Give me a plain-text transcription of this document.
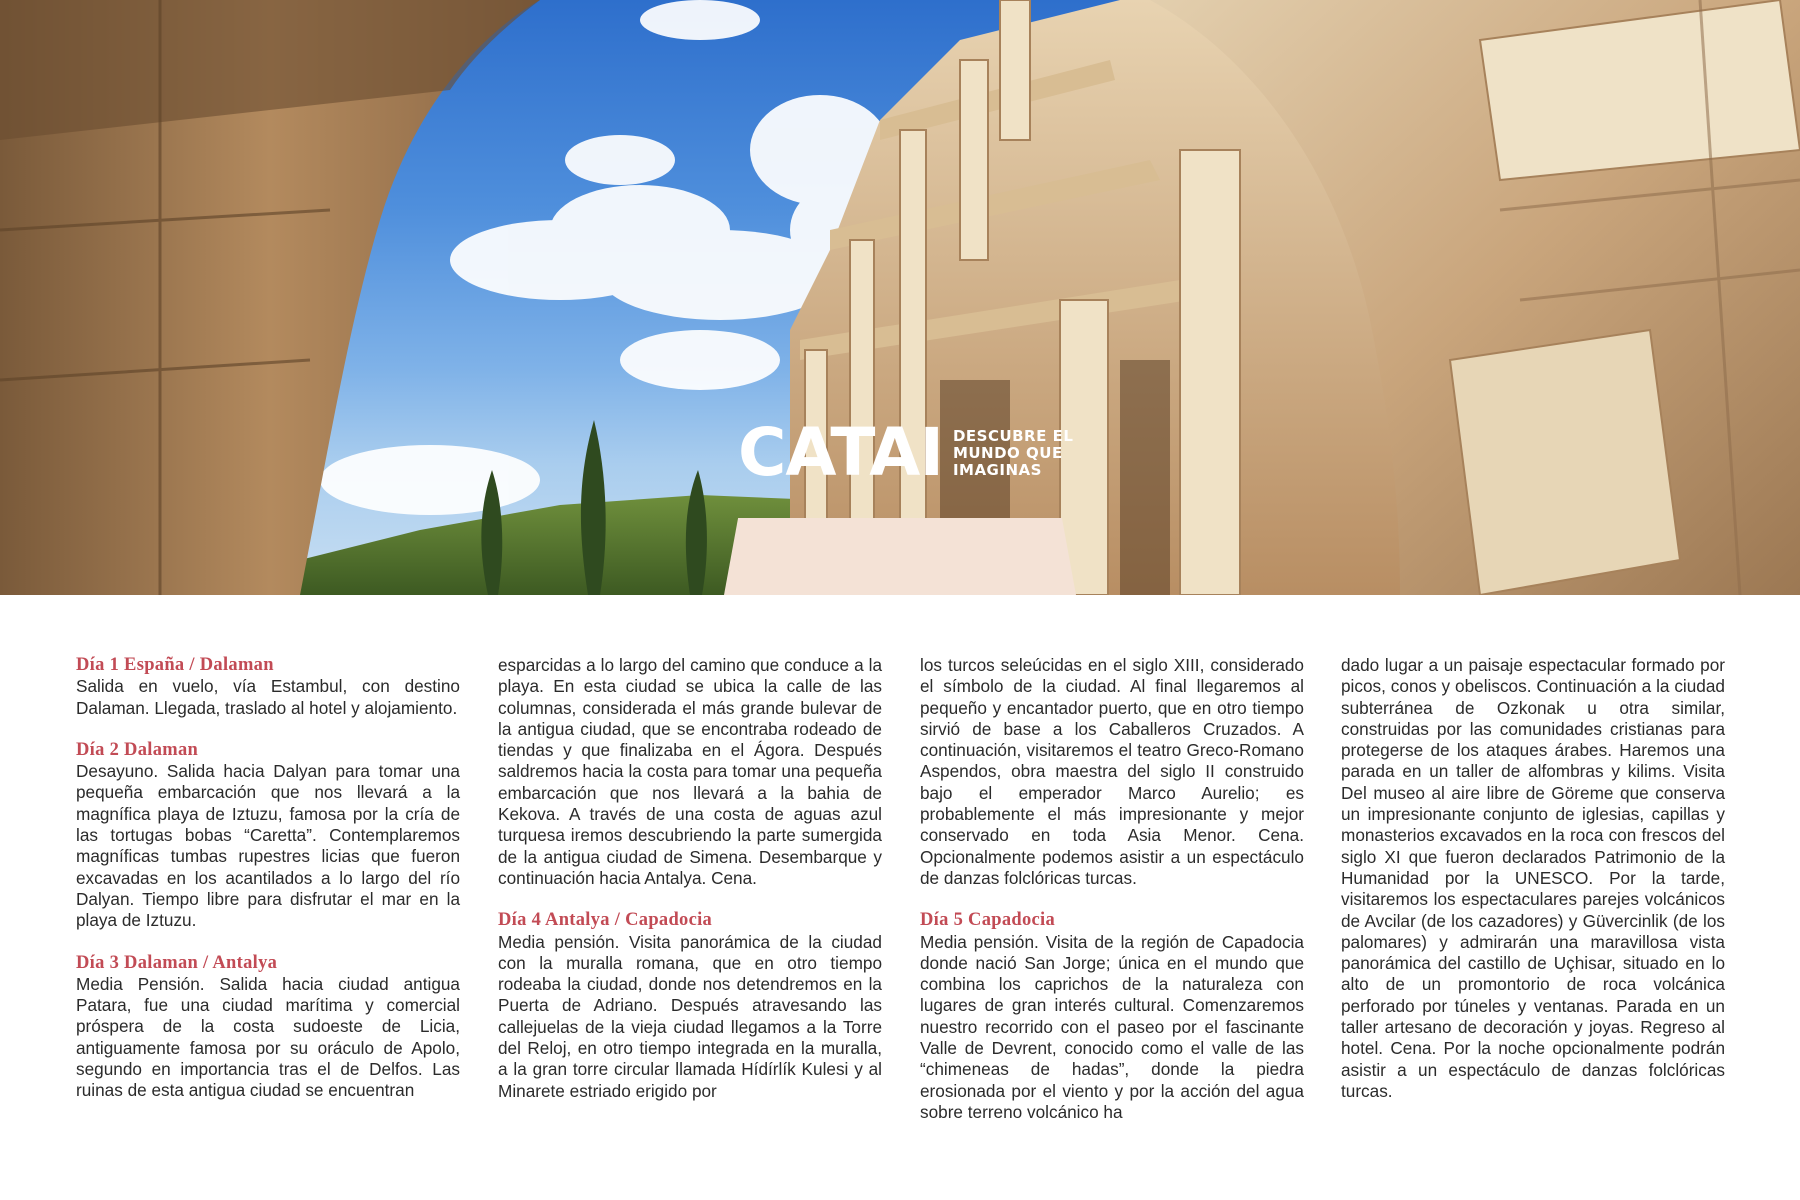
CATAI DESCUBRE EL
MUNDO QUE
IMAGINAS

Día 1 España / Dalaman
Salida en vuelo, vía Estambul, con destino Dalaman. Llegada, traslado al hotel y alojamiento.

Día 2 Dalaman
Desayuno. Salida hacia Dalyan para tomar una pequeña embarcación que nos llevará a la magnífica playa de Iztuzu, famosa por la cría de las tortugas bobas “Caretta”. Contemplaremos magníficas tumbas rupestres licias que fueron excavadas en los acantilados a lo largo del río Dalyan. Tiempo libre para disfrutar el mar en la playa de Iztuzu.

Día 3 Dalaman / Antalya
Media Pensión. Salida hacia ciudad antigua Patara, fue una ciudad marítima y comercial próspera de la costa sudoeste de Licia, antiguamente famosa por su oráculo de Apolo, segundo en importancia tras el de Delfos. Las ruinas de esta antigua ciudad se encuentran

esparcidas a lo largo del camino que conduce a la playa. En esta ciudad se ubica la calle de las columnas, considerada el más grande bulevar de la antigua ciudad, que se encontraba rodeado de tiendas y que finalizaba en el Ágora. Después saldremos hacia la costa para tomar una pequeña embarcación que nos llevará a la bahia de Kekova. A través de una costa de aguas azul turquesa iremos descubriendo la parte sumergida de la antigua ciudad de Simena. Desembarque y continuación hacia Antalya. Cena.

Día 4 Antalya / Capadocia
Media pensión. Visita panorámica de la ciudad con la muralla romana, que en otro tiempo rodeaba la ciudad, donde nos detendremos en la Puerta de Adriano. Después atravesando las callejuelas de la vieja ciudad llegamos a la Torre del Reloj, en otro tiempo integrada en la muralla, a la gran torre circular llamada Hídírlík Kulesi y al Minarete estriado erigido por

los turcos seleúcidas en el siglo XIII, considerado el símbolo de la ciudad. Al final llegaremos al pequeño y encantador puerto, que en otro tiempo sirvió de base a los Caballeros Cruzados. A continuación, visitaremos el teatro Greco-Romano Aspendos, obra maestra del siglo II construido bajo el emperador Marco Aurelio; es probablemente el más impresionante y mejor conservado en toda Asia Menor. Cena. Opcionalmente podemos asistir a un espectáculo de danzas folclóricas turcas.

Día 5 Capadocia
Media pensión. Visita de la región de Capadocia donde nació San Jorge; única en el mundo que combina los caprichos de la naturaleza con lugares de gran interés cultural. Comenzaremos nuestro recorrido con el paseo por el fascinante Valle de Devrent, conocido como el valle de las “chimeneas de hadas”, donde la piedra erosionada por el viento y por la acción del agua sobre terreno volcánico ha

dado lugar a un paisaje espectacular formado por picos, conos y obeliscos. Continuación a la ciudad subterránea de Ozkonak u otra similar, construidas por las comunidades cristianas para protegerse de los ataques árabes. Haremos una parada en un taller de alfombras y kilims. Visita Del museo al aire libre de Göreme que conserva un impresionante conjunto de iglesias, capillas y monasterios excavados en la roca con frescos del siglo XI que fueron declarados Patrimonio de la Humanidad por la UNESCO. Por la tarde, visitaremos los espectaculares parejes volcánicos de Avcilar (de los cazadores) y Güvercinlik (de los palomares) y admirarán una maravillosa vista panorámica del castillo de Uçhisar, situado en lo alto de un promontorio de roca volcánica perforado por túneles y ventanas. Parada en un taller artesano de decoración y joyas. Regreso al hotel. Cena. Por la noche opcionalmente podrán asistir a un espectáculo de danzas folclóricas turcas.
